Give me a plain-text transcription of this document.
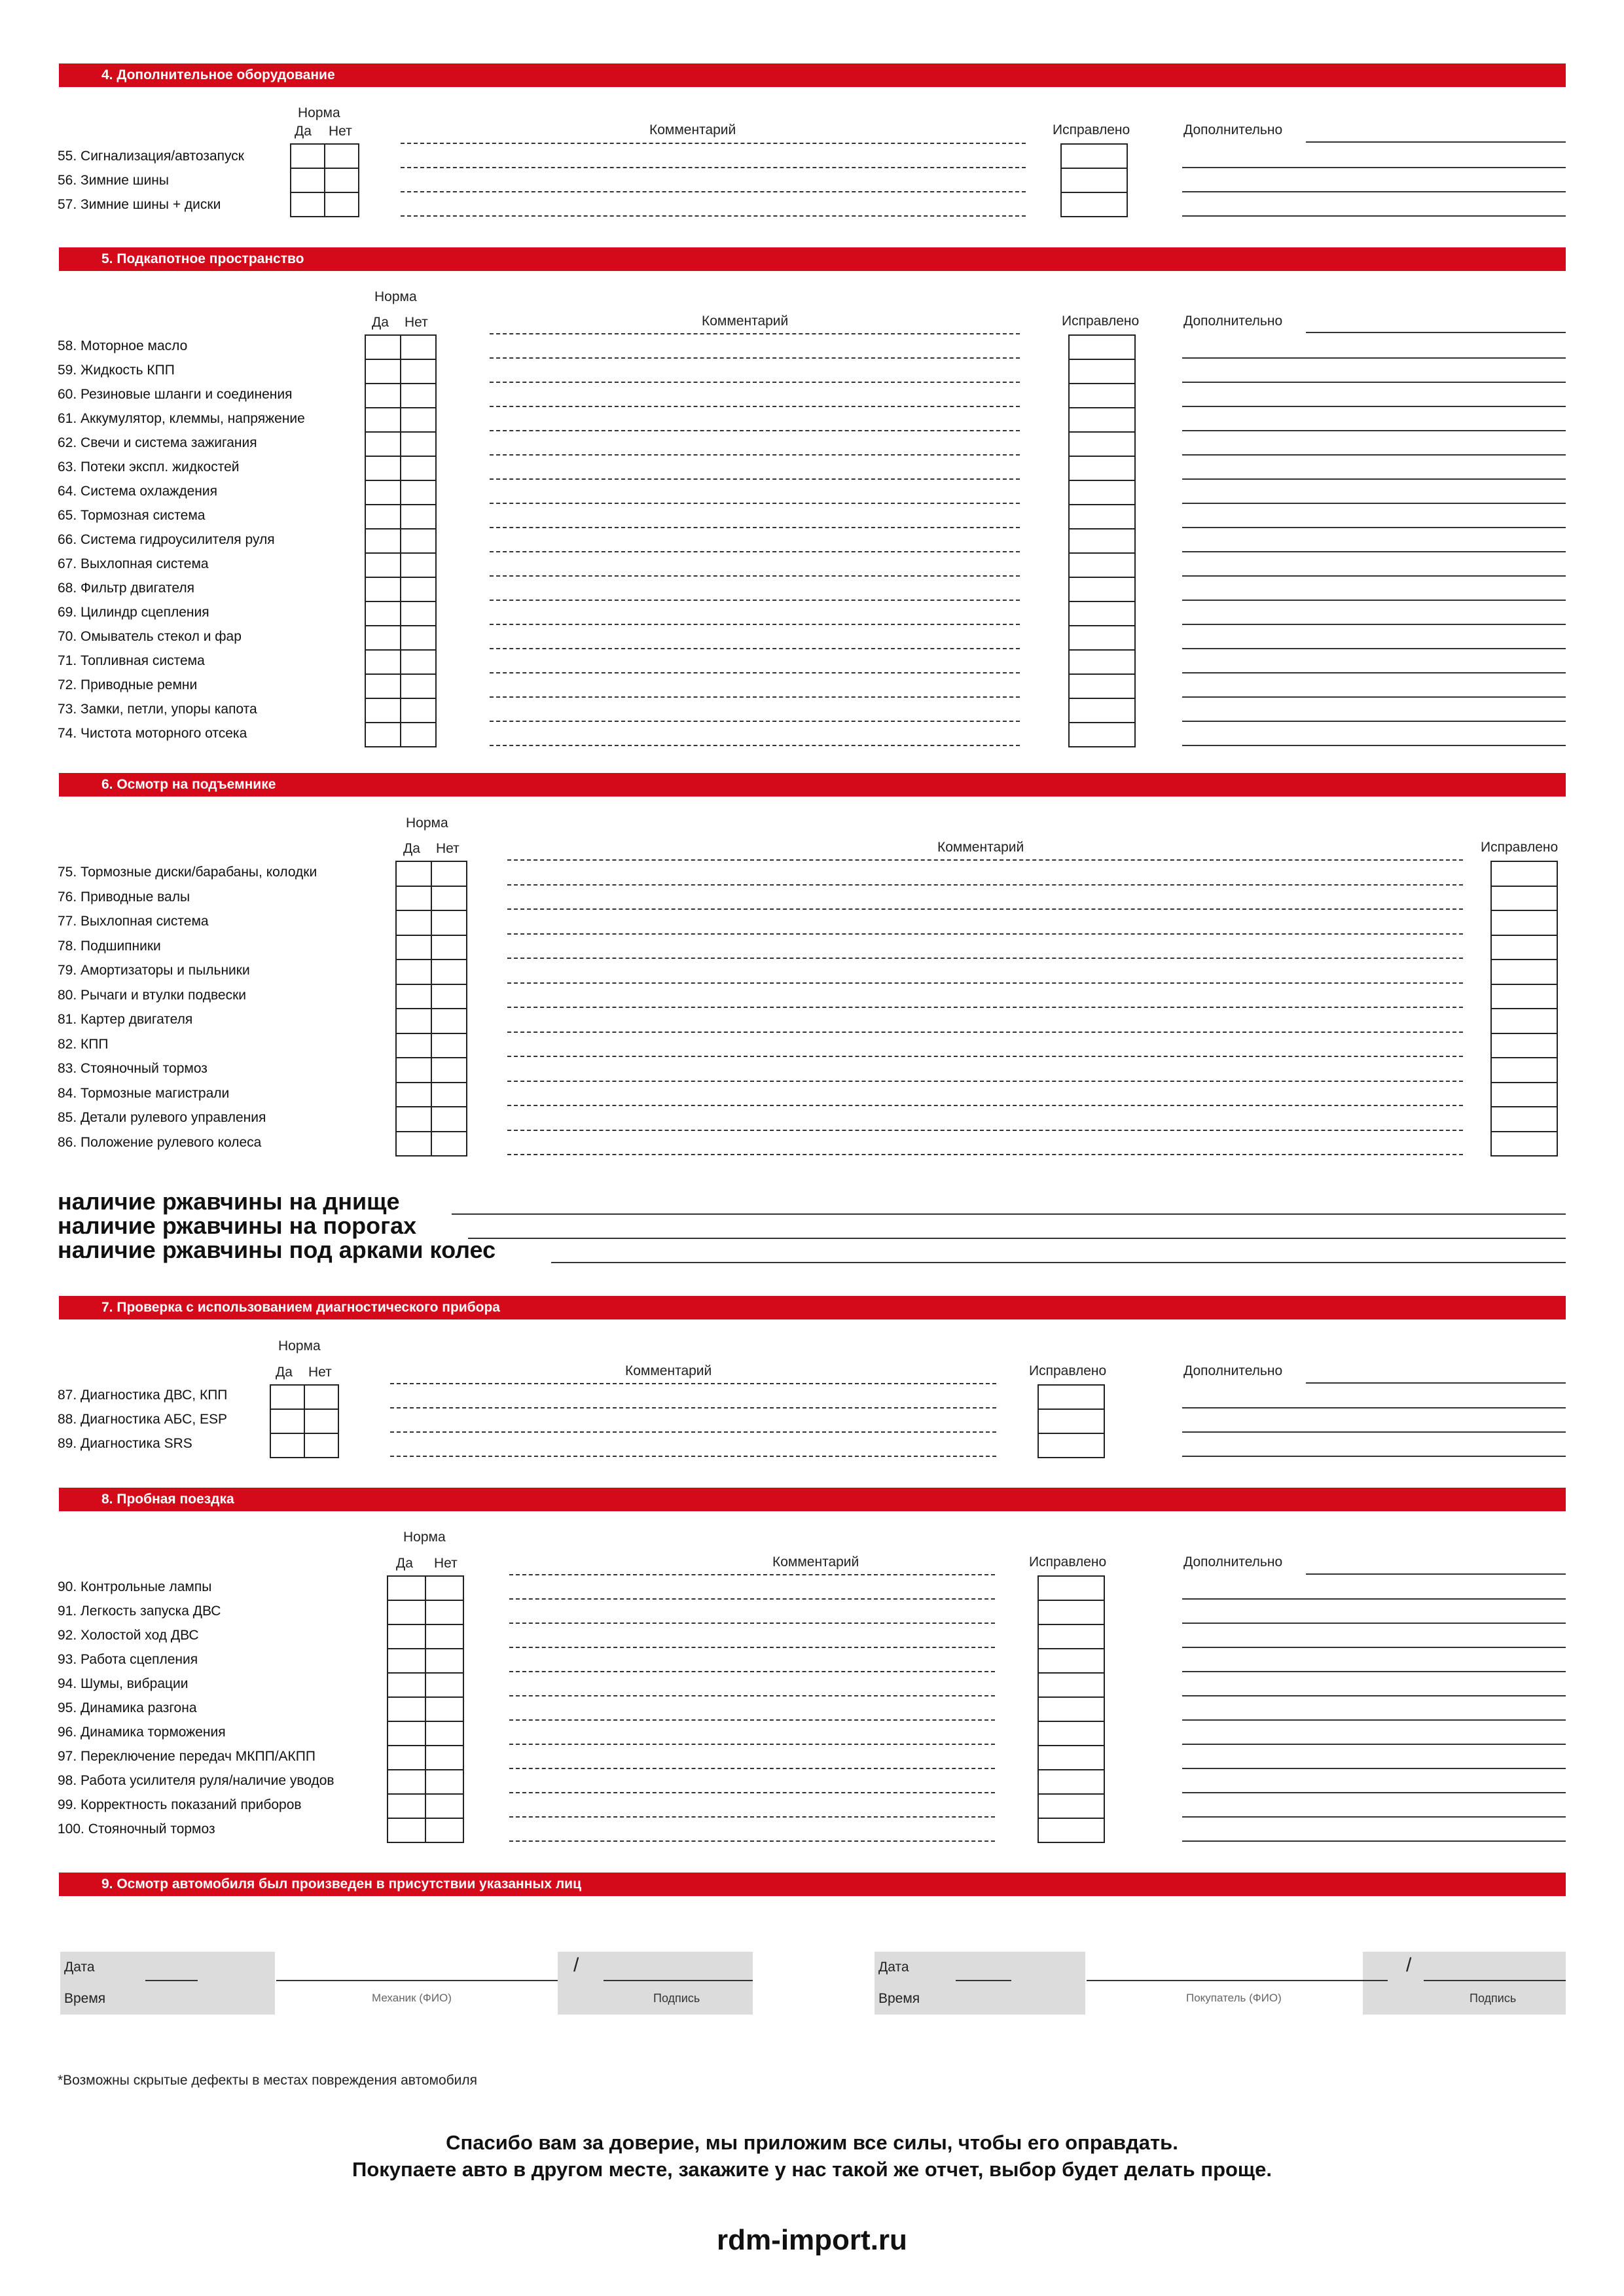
4. Дополнительное оборудование
Норма
Да Нет	Комментарий	Исправлено	Дополнительно
55. Сигнализация/автозапуск
56. Зимние шины
57. Зимние шины + диски
5. Подкапотное пространство
Норма
Да Нет	Комментарий	Исправлено	Дополнительно
58. Моторное масло
59. Жидкость КПП
60. Резиновые шланги и соединения
61. Аккумулятор, клеммы, напряжение
62. Свечи и система зажигания
63. Потеки экспл. жидкостей
64. Система охлаждения
65. Тормозная система
66. Система гидроусилителя руля
67. Выхлопная система
68. Фильтр двигателя
69. Цилиндр сцепления
70. Омыватель стекол и фар
71. Топливная система
72. Приводные ремни
73. Замки, петли, упоры капота
74. Чистота моторного отсека
6. Осмотр на подъемнике
Норма
Да Нет	Комментарий	Исправлено
75. Тормозные диски/барабаны, колодки
76. Приводные валы
77. Выхлопная система
78. Подшипники
79. Амортизаторы и пыльники
80. Рычаги и втулки подвески
81. Картер двигателя
82. КПП
83. Стояночный тормоз
84. Тормозные магистрали
85. Детали рулевого управления
86. Положение рулевого колеса
наличие ржавчины на днище
наличие ржавчины на порогах
наличие ржавчины под арками колес
7. Проверка с использованием диагностического прибора
Норма
Да Нет	Комментарий	Исправлено	Дополнительно
87. Диагностика ДВС, КПП
88. Диагностика АБС, ESP
89. Диагностика SRS
8. Пробная поездка
Норма
Да Нет	Комментарий	Исправлено	Дополнительно
90. Контрольные лампы
91. Легкость запуска ДВС
92. Холостой ход ДВС
93. Работа сцепления
94. Шумы, вибрации
95. Динамика разгона
96. Динамика торможения
97. Переключение передач МКПП/АКПП
98. Работа усилителя руля/наличие уводов
99. Корректность показаний приборов
100. Стояночный тормоз
9. Осмотр автомобиля был произведен в присутствии указанных лиц
Дата
Время
/
Механик (ФИО)	Подпись
Дата
Время
/
Покупатель (ФИО)	Подпись
*Возможны скрытые дефекты в местах повреждения автомобиля
Спасибо вам за доверие, мы приложим все силы, чтобы его оправдать.
Покупаете авто в другом месте, закажите у нас такой же отчет, выбор будет делать проще.
rdm-import.ru
